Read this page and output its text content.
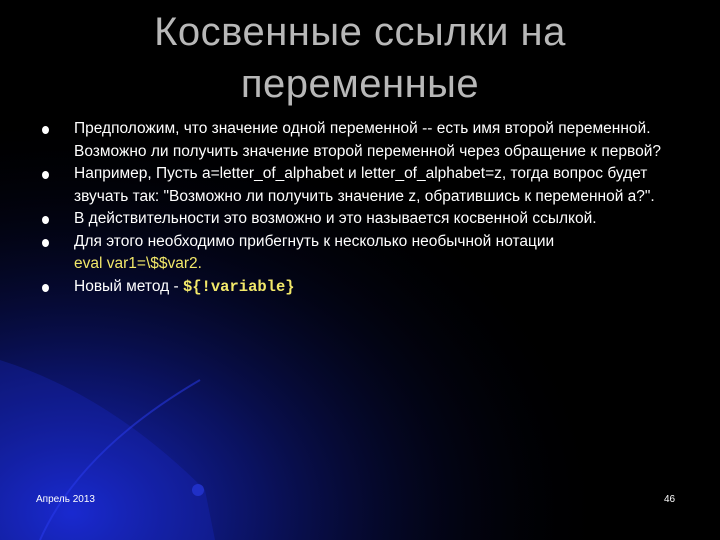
Косвенные ссылки на
переменные
Предположим, что значение одной переменной -- есть имя второй переменной. Возможно ли получить значение второй переменной через обращение к первой?
Например, Пусть a=letter_of_alphabet и letter_of_alphabet=z, тогда вопрос будет звучать так: "Возможно ли получить значение z, обратившись к переменной a?".
В действительности это возможно и это называется косвенной ссылкой.
Для этого необходимо прибегнуть к несколько необычной нотации
eval var1=\$$var2.
Новый метод - ${!variable}
Апрель 2013	46
